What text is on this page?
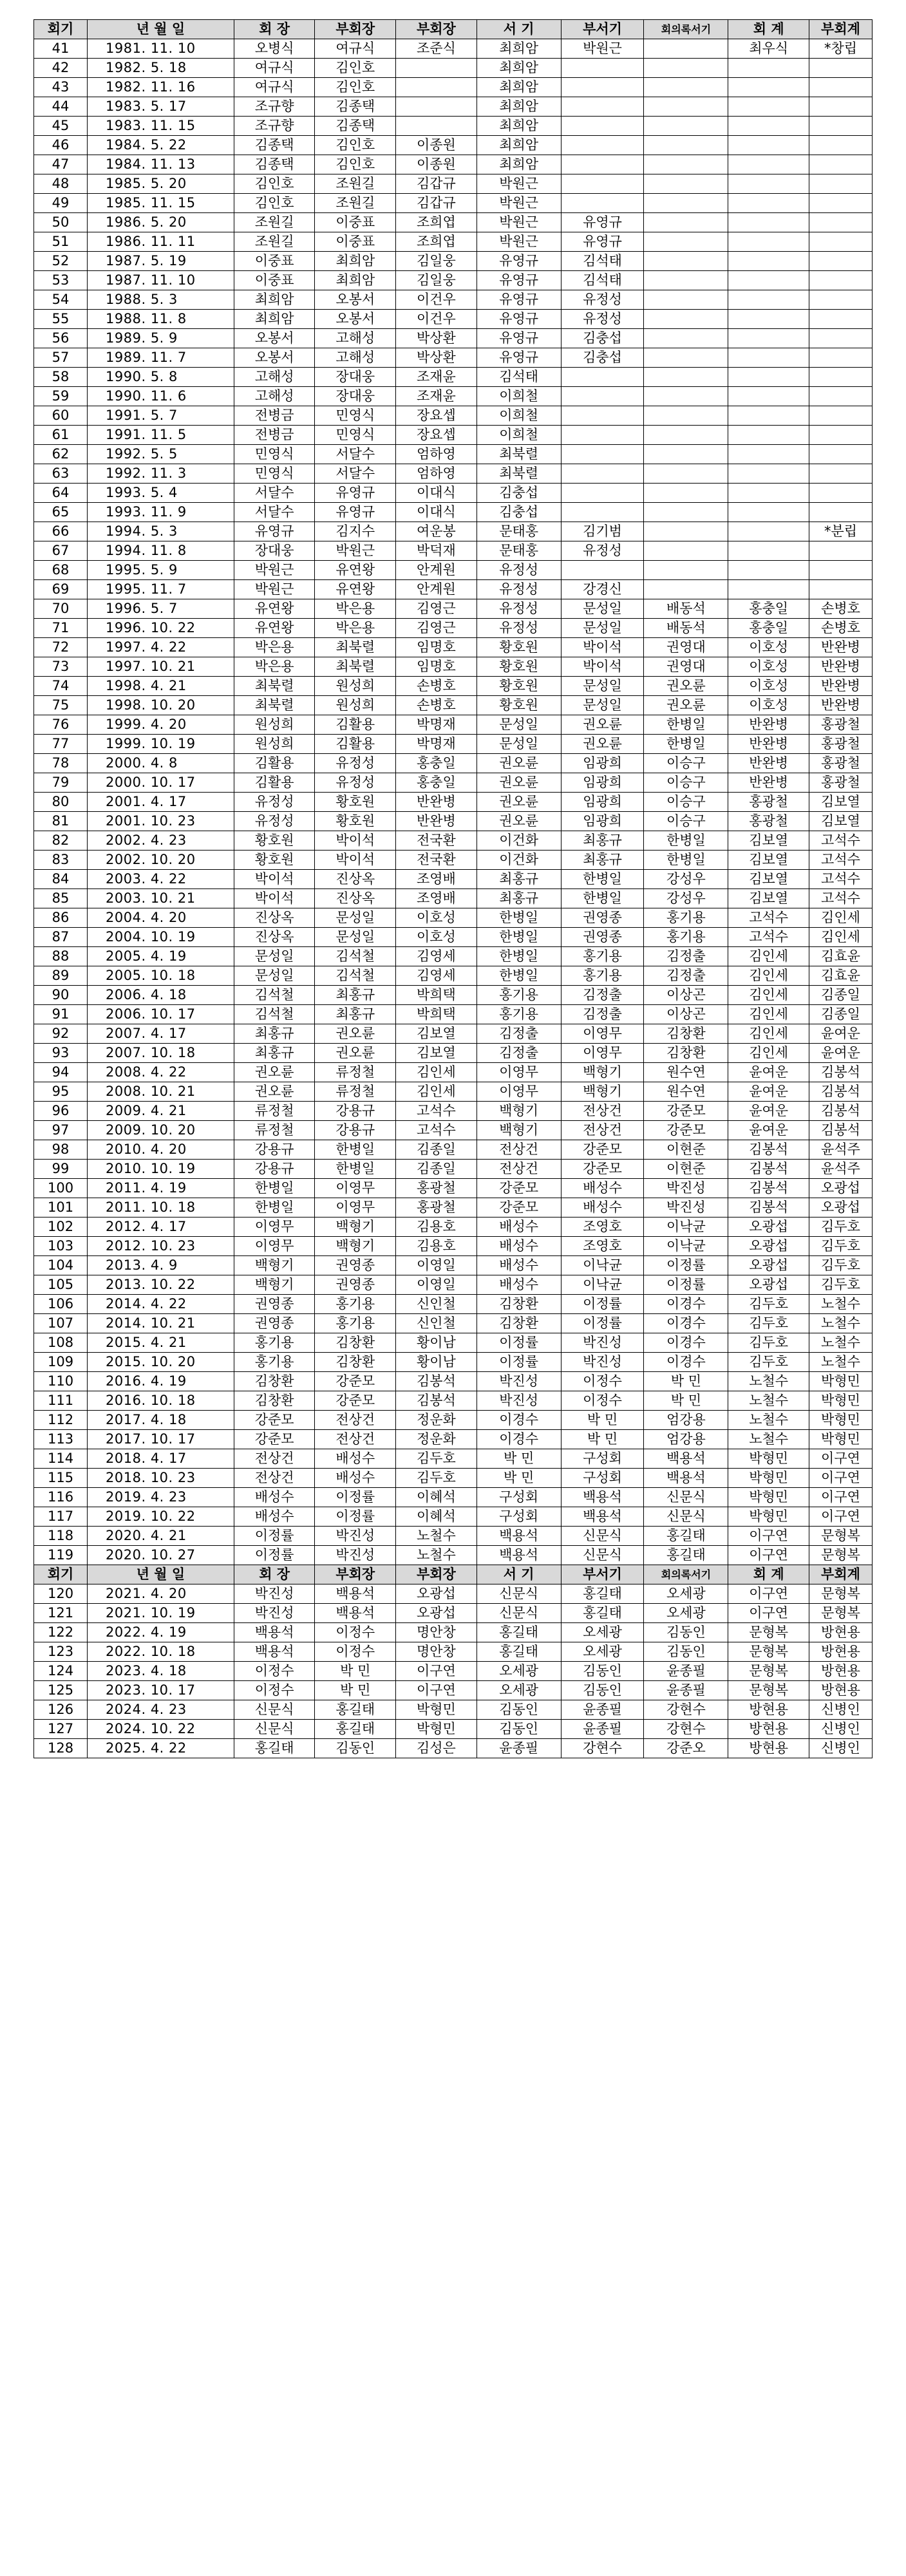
회기	년 월 일	회 장	부회장	부회장	서 기	부서기	회의록서기	회 계	부회계
41	1981. 11. 10	오병식	여규식	조준식	최희암	박원근		최우식	*창립
42	1982. 5. 18	여규식	김인호		최희암				
43	1982. 11. 16	여규식	김인호		최희암				
44	1983. 5. 17	조규향	김종택		최희암				
45	1983. 11. 15	조규향	김종택		최희암				
46	1984. 5. 22	김종택	김인호	이종원	최희암				
47	1984. 11. 13	김종택	김인호	이종원	최희암				
48	1985. 5. 20	김인호	조원길	김갑규	박원근				
49	1985. 11. 15	김인호	조원길	김갑규	박원근				
50	1986. 5. 20	조원길	이중표	조희엽	박원근	유영규			
51	1986. 11. 11	조원길	이중표	조희엽	박원근	유영규			
52	1987. 5. 19	이중표	최희암	김일웅	유영규	김석태			
53	1987. 11. 10	이중표	최희암	김일웅	유영규	김석태			
54	1988. 5. 3	최희암	오봉서	이건우	유영규	유정성			
55	1988. 11. 8	최희암	오봉서	이건우	유영규	유정성			
56	1989. 5. 9	오봉서	고해성	박상환	유영규	김충섭			
57	1989. 11. 7	오봉서	고해성	박상환	유영규	김충섭			
58	1990. 5. 8	고해성	장대웅	조재윤	김석태				
59	1990. 11. 6	고해성	장대웅	조재윤	이희철				
60	1991. 5. 7	전병금	민영식	장요셉	이희철				
61	1991. 11. 5	전병금	민영식	장요셉	이희철				
62	1992. 5. 5	민영식	서달수	엄하영	최북렬				
63	1992. 11. 3	민영식	서달수	엄하영	최북렬				
64	1993. 5. 4	서달수	유영규	이대식	김충섭				
65	1993. 11. 9	서달수	유영규	이대식	김충섭				
66	1994. 5. 3	유영규	김지수	여운봉	문태홍	김기범			*분립
67	1994. 11. 8	장대웅	박원근	박덕재	문태홍	유정성			
68	1995. 5. 9	박원근	유연왕	안계원	유정성				
69	1995. 11. 7	박원근	유연왕	안계원	유정성	강경신			
70	1996. 5. 7	유연왕	박은용	김영근	유정성	문성일	배동석	홍충일	손병호
71	1996. 10. 22	유연왕	박은용	김영근	유정성	문성일	배동석	홍충일	손병호
72	1997. 4. 22	박은용	최북렬	임명호	황호원	박이석	권영대	이호성	반완병
73	1997. 10. 21	박은용	최북렬	임명호	황호원	박이석	권영대	이호성	반완병
74	1998. 4. 21	최북렬	원성희	손병호	황호원	문성일	권오륜	이호성	반완병
75	1998. 10. 20	최북렬	원성희	손병호	황호원	문성일	권오륜	이호성	반완병
76	1999. 4. 20	원성희	김활용	박명재	문성일	권오륜	한병일	반완병	홍광철
77	1999. 10. 19	원성희	김활용	박명재	문성일	권오륜	한병일	반완병	홍광철
78	2000. 4. 8	김활용	유정성	홍충일	권오륜	임광희	이승구	반완병	홍광철
79	2000. 10. 17	김활용	유정성	홍충일	권오륜	임광희	이승구	반완병	홍광철
80	2001. 4. 17	유정성	황호원	반완병	권오륜	임광희	이승구	홍광철	김보열
81	2001. 10. 23	유정성	황호원	반완병	권오륜	임광희	이승구	홍광철	김보열
82	2002. 4. 23	황호원	박이석	전국환	이건화	최홍규	한병일	김보열	고석수
83	2002. 10. 20	황호원	박이석	전국환	이건화	최홍규	한병일	김보열	고석수
84	2003. 4. 22	박이석	진상옥	조영배	최홍규	한병일	강성우	김보열	고석수
85	2003. 10. 21	박이석	진상옥	조영배	최홍규	한병일	강성우	김보열	고석수
86	2004. 4. 20	진상옥	문성일	이호성	한병일	권영종	홍기용	고석수	김인세
87	2004. 10. 19	진상옥	문성일	이호성	한병일	권영종	홍기용	고석수	김인세
88	2005. 4. 19	문성일	김석철	김영세	한병일	홍기용	김정출	김인세	김효윤
89	2005. 10. 18	문성일	김석철	김영세	한병일	홍기용	김정출	김인세	김효윤
90	2006. 4. 18	김석철	최홍규	박희택	홍기용	김정출	이상곤	김인세	김종일
91	2006. 10. 17	김석철	최홍규	박희택	홍기용	김정출	이상곤	김인세	김종일
92	2007. 4. 17	최홍규	권오륜	김보열	김정출	이영무	김창환	김인세	윤여운
93	2007. 10. 18	최홍규	권오륜	김보열	김정출	이영무	김창환	김인세	윤여운
94	2008. 4. 22	권오륜	류정철	김인세	이영무	백형기	원수연	윤여운	김봉석
95	2008. 10. 21	권오륜	류정철	김인세	이영무	백형기	원수연	윤여운	김봉석
96	2009. 4. 21	류정철	강용규	고석수	백형기	전상건	강준모	윤여운	김봉석
97	2009. 10. 20	류정철	강용규	고석수	백형기	전상건	강준모	윤여운	김봉석
98	2010. 4. 20	강용규	한병일	김종일	전상건	강준모	이현준	김봉석	윤석주
99	2010. 10. 19	강용규	한병일	김종일	전상건	강준모	이현준	김봉석	윤석주
100	2011. 4. 19	한병일	이영무	홍광철	강준모	배성수	박진성	김봉석	오광섭
101	2011. 10. 18	한병일	이영무	홍광철	강준모	배성수	박진성	김봉석	오광섭
102	2012. 4. 17	이영무	백형기	김용호	배성수	조영호	이낙균	오광섭	김두호
103	2012. 10. 23	이영무	백형기	김용호	배성수	조영호	이낙균	오광섭	김두호
104	2013. 4. 9	백형기	권영종	이영일	배성수	이낙균	이정률	오광섭	김두호
105	2013. 10. 22	백형기	권영종	이영일	배성수	이낙균	이정률	오광섭	김두호
106	2014. 4. 22	권영종	홍기용	신인철	김창환	이정률	이경수	김두호	노철수
107	2014. 10. 21	권영종	홍기용	신인철	김창환	이정률	이경수	김두호	노철수
108	2015. 4. 21	홍기용	김창환	황이남	이정률	박진성	이경수	김두호	노철수
109	2015. 10. 20	홍기용	김창환	황이남	이정률	박진성	이경수	김두호	노철수
110	2016. 4. 19	김창환	강준모	김봉석	박진성	이정수	박 민	노철수	박형민
111	2016. 10. 18	김창환	강준모	김봉석	박진성	이정수	박 민	노철수	박형민
112	2017. 4. 18	강준모	전상건	정운화	이경수	박 민	엄강용	노철수	박형민
113	2017. 10. 17	강준모	전상건	정운화	이경수	박 민	엄강용	노철수	박형민
114	2018. 4. 17	전상건	배성수	김두호	박 민	구성회	백용석	박형민	이구연
115	2018. 10. 23	전상건	배성수	김두호	박 민	구성회	백용석	박형민	이구연
116	2019. 4. 23	배성수	이정률	이혜석	구성회	백용석	신문식	박형민	이구연
117	2019. 10. 22	배성수	이정률	이혜석	구성회	백용석	신문식	박형민	이구연
118	2020. 4. 21	이정률	박진성	노철수	백용석	신문식	홍길태	이구연	문형복
119	2020. 10. 27	이정률	박진성	노철수	백용석	신문식	홍길태	이구연	문형복
회기	년 월 일	회 장	부회장	부회장	서 기	부서기	회의록서기	회 계	부회계
120	2021. 4. 20	박진성	백용석	오광섭	신문식	홍길태	오세광	이구연	문형복
121	2021. 10. 19	박진성	백용석	오광섭	신문식	홍길태	오세광	이구연	문형복
122	2022. 4. 19	백용석	이정수	명안창	홍길태	오세광	김동인	문형복	방현용
123	2022. 10. 18	백용석	이정수	명안창	홍길태	오세광	김동인	문형복	방현용
124	2023. 4. 18	이정수	박 민	이구연	오세광	김동인	윤종필	문형복	방현용
125	2023. 10. 17	이정수	박 민	이구연	오세광	김동인	윤종필	문형복	방현용
126	2024. 4. 23	신문식	홍길태	박형민	김동인	윤종필	강현수	방현용	신병인
127	2024. 10. 22	신문식	홍길태	박형민	김동인	윤종필	강현수	방현용	신병인
128	2025. 4. 22	홍길태	김동인	김성은	윤종필	강현수	강준오	방현용	신병인
